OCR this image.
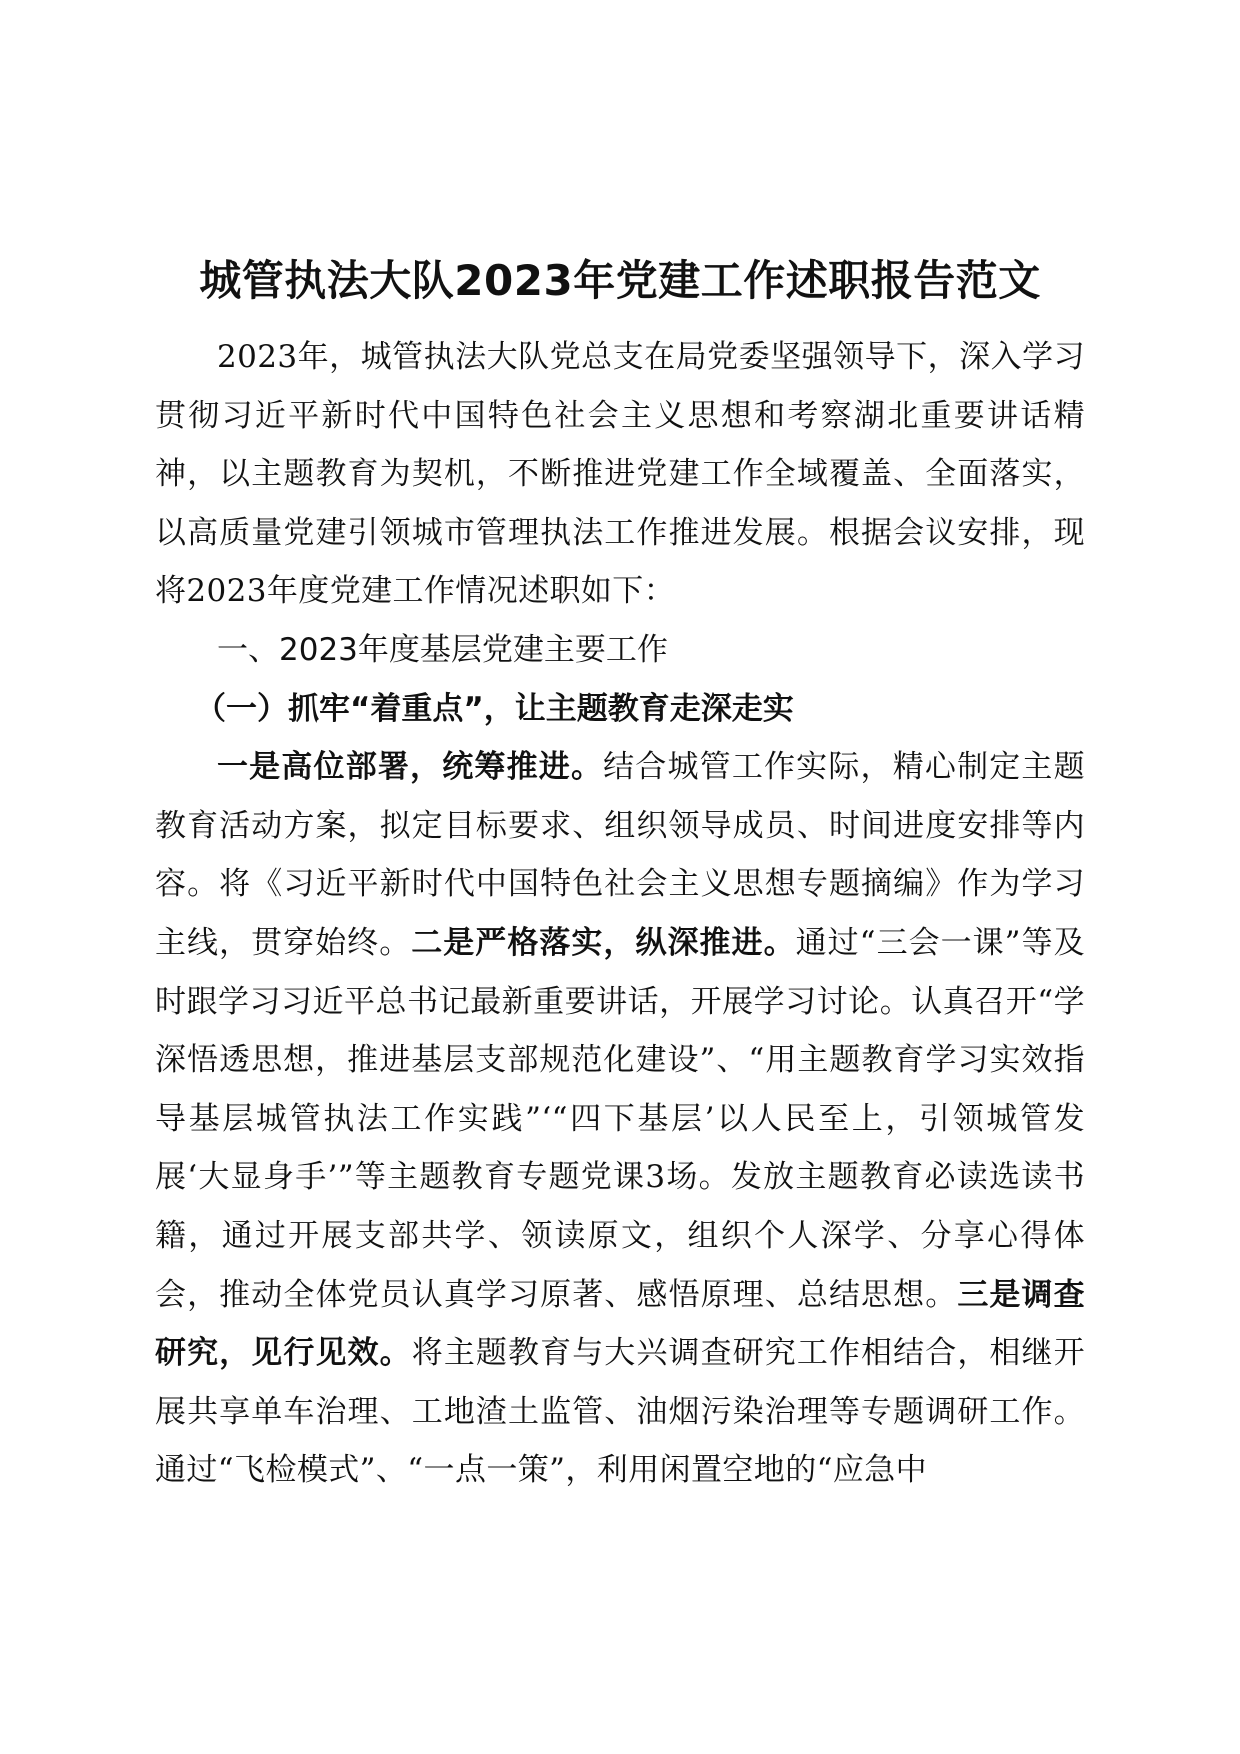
城管执法大队2023年党建工作述职报告范文

2023年，城管执法大队党总支在局党委坚强领导下，深入学习贯彻习近平新时代中国特色社会主义思想和考察湖北重要讲话精神，以主题教育为契机，不断推进党建工作全域覆盖、全面落实，以高质量党建引领城市管理执法工作推进发展。根据会议安排，现将2023年度党建工作情况述职如下：

一、2023年度基层党建主要工作

（一）抓牢“着重点”，让主题教育走深走实

一是高位部署，统筹推进。结合城管工作实际，精心制定主题教育活动方案，拟定目标要求、组织领导成员、时间进度安排等内容。将《习近平新时代中国特色社会主义思想专题摘编》作为学习主线，贯穿始终。二是严格落实，纵深推进。通过“三会一课”等及时跟学习习近平总书记最新重要讲话，开展学习讨论。认真召开“学深悟透思想，推进基层支部规范化建设”、“用主题教育学习实效指导基层城管执法工作实践”‘“四下基层’以人民至上，引领城管发展‘大显身手’”等主题教育专题党课3场。发放主题教育必读选读书籍，通过开展支部共学、领读原文，组织个人深学、分享心得体会，推动全体党员认真学习原著、感悟原理、总结思想。三是调查研究，见行见效。将主题教育与大兴调查研究工作相结合，相继开展共享单车治理、工地渣土监管、油烟污染治理等专题调研工作。通过“飞检模式”、“一点一策”，利用闲置空地的“应急中
